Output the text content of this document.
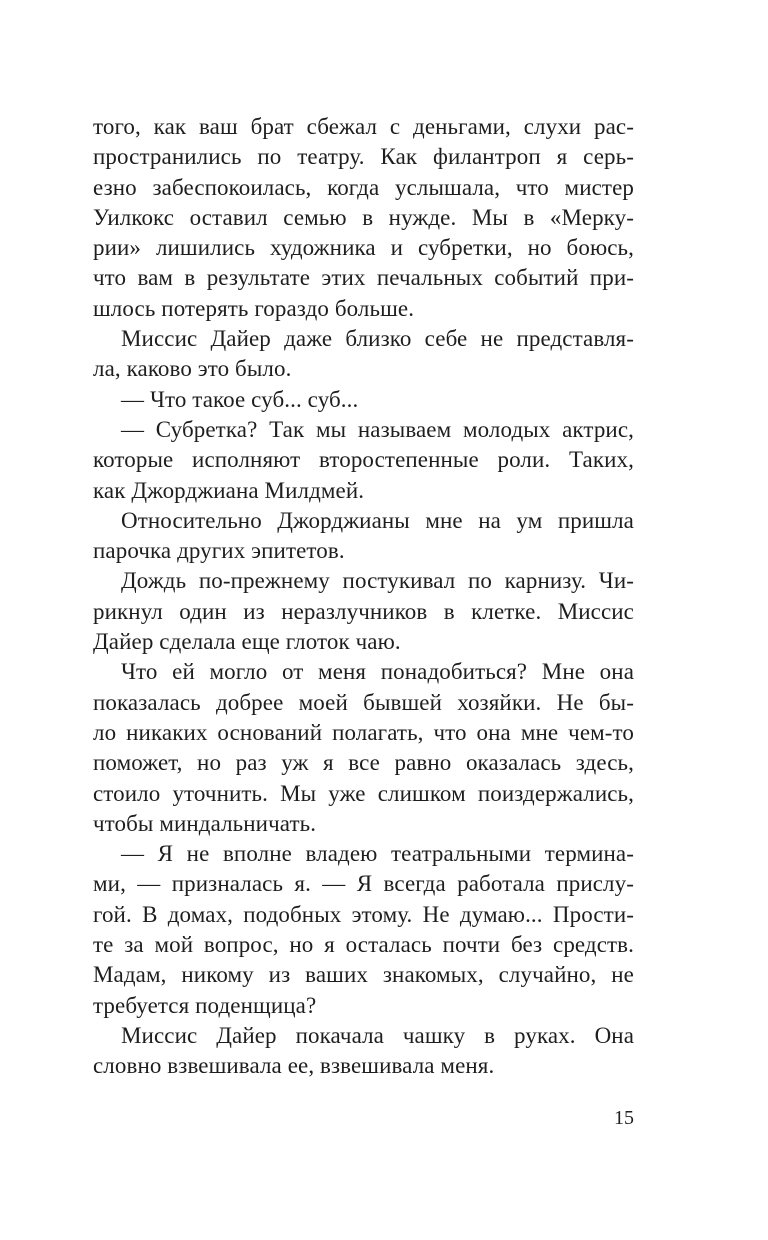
того, как ваш брат сбежал с деньгами, слухи рас-
пространились по театру. Как филантроп я серь-
езно забеспокоилась, когда услышала, что мистер
Уилкокс оставил семью в нужде. Мы в «Мерку-
рии» лишились художника и субретки, но боюсь,
что вам в результате этих печальных событий при-
шлось потерять гораздо больше.
Миссис Дайер даже близко себе не представля-
ла, каково это было.
— Что такое суб... суб...
— Субретка? Так мы называем молодых актрис,
которые исполняют второстепенные роли. Таких,
как Джорджиана Милдмей.
Относительно Джорджианы мне на ум пришла
парочка других эпитетов.
Дождь по-прежнему постукивал по карнизу. Чи-
рикнул один из неразлучников в клетке. Миссис
Дайер сделала еще глоток чаю.
Что ей могло от меня понадобиться? Мне она
показалась добрее моей бывшей хозяйки. Не бы-
ло никаких оснований полагать, что она мне чем-то
поможет, но раз уж я все равно оказалась здесь,
стоило уточнить. Мы уже слишком поиздержались,
чтобы миндальничать.
— Я не вполне владею театральными термина-
ми, — призналась я. — Я всегда работала прислу-
гой. В домах, подобных этому. Не думаю... Прости-
те за мой вопрос, но я осталась почти без средств.
Мадам, никому из ваших знакомых, случайно, не
требуется поденщица?
Миссис Дайер покачала чашку в руках. Она
словно взвешивала ее, взвешивала меня.
15
